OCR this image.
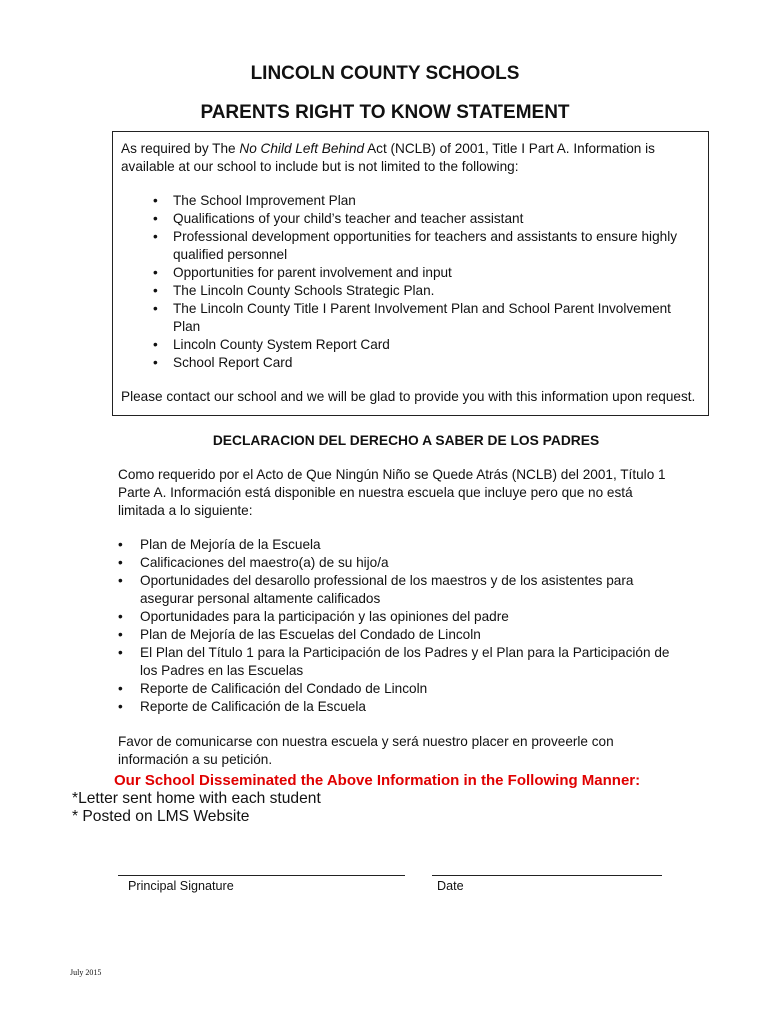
LINCOLN COUNTY SCHOOLS
PARENTS RIGHT TO KNOW STATEMENT

As required by The No Child Left Behind Act (NCLB) of 2001, Title I Part A. Information is available at our school to include but is not limited to the following:

• The School Improvement Plan
• Qualifications of your child’s teacher and teacher assistant
• Professional development opportunities for teachers and assistants to ensure highly qualified personnel
• Opportunities for parent involvement and input
• The Lincoln County Schools Strategic Plan.
• The Lincoln County Title I Parent Involvement Plan and School Parent Involvement Plan
• Lincoln County System Report Card
• School Report Card

Please contact our school and we will be glad to provide you with this information upon request.

DECLARACION DEL DERECHO A SABER DE LOS PADRES

Como requerido por el Acto de Que Ningún Niño se Quede Atrás (NCLB) del 2001, Título 1 Parte A. Información está disponible en nuestra escuela que incluye pero que no está limitada a lo siguiente:

• Plan de Mejoría de la Escuela
• Calificaciones del maestro(a) de su hijo/a
• Oportunidades del desarollo professional de los maestros y de los asistentes para asegurar personal altamente calificados
• Oportunidades para la participación y las opiniones del padre
• Plan de Mejoría de las Escuelas del Condado de Lincoln
• El Plan del Título 1 para la Participación de los Padres y el Plan para la Participación de los Padres en las Escuelas
• Reporte de Calificación del Condado de Lincoln
• Reporte de Calificación de la Escuela

Favor de comunicarse con nuestra escuela y será nuestro placer en proveerle con información a su petición.

Our School Disseminated the Above Information in the Following Manner:

*Letter sent home with each student

* Posted on LMS Website

Principal Signature	Date

July 2015
